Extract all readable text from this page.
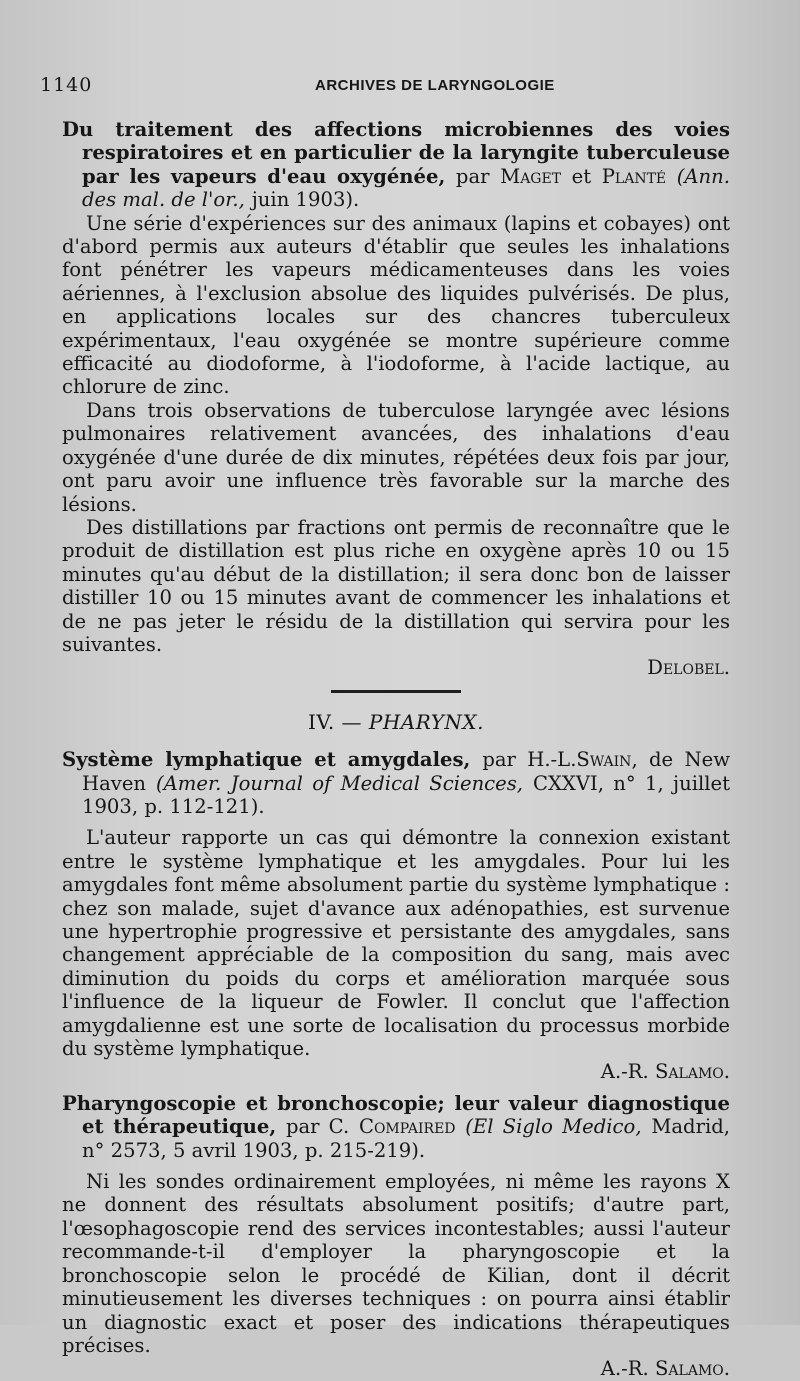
1140	ARCHIVES DE LARYNGOLOGIE
Du traitement des affections microbiennes des voies respiratoires et en particulier de la laryngite tuberculeuse par les vapeurs d'eau oxygénée, par Maget et Planté (Ann. des mal. de l'or., juin 1903).

Une série d'expériences sur des animaux (lapins et cobayes) ont d'abord permis aux auteurs d'établir que seules les inhalations font pénétrer les vapeurs médicamenteuses dans les voies aériennes, à l'exclusion absolue des liquides pulvérisés. De plus, en applications locales sur des chancres tuberculeux expérimentaux, l'eau oxygénée se montre supérieure comme efficacité au diodoforme, à l'iodoforme, à l'acide lactique, au chlorure de zinc.

Dans trois observations de tuberculose laryngée avec lésions pulmonaires relativement avancées, des inhalations d'eau oxygénée d'une durée de dix minutes, répétées deux fois par jour, ont paru avoir une influence très favorable sur la marche des lésions.

Des distillations par fractions ont permis de reconnaître que le produit de distillation est plus riche en oxygène après 10 ou 15 minutes qu'au début de la distillation; il sera donc bon de laisser distiller 10 ou 15 minutes avant de commencer les inhalations et de ne pas jeter le résidu de la distillation qui servira pour les suivantes.

Delobel.
IV. — PHARYNX.
Système lymphatique et amygdales, par H.-L.Swain, de New Haven (Amer. Journal of Medical Sciences, CXXVI, n° 1, juillet 1903, p. 112-121).

L'auteur rapporte un cas qui démontre la connexion existant entre le système lymphatique et les amygdales. Pour lui les amygdales font même absolument partie du système lymphatique : chez son malade, sujet d'avance aux adénopathies, est survenue une hypertrophie progressive et persistante des amygdales, sans changement appréciable de la composition du sang, mais avec diminution du poids du corps et amélioration marquée sous l'influence de la liqueur de Fowler. Il conclut que l'affection amygdalienne est une sorte de localisation du processus morbide du système lymphatique.

A.-R. Salamo.
Pharyngoscopie et bronchoscopie; leur valeur diagnostique et thérapeutique, par C. Compaired (El Siglo Medico, Madrid, n° 2573, 5 avril 1903, p. 215-219).

Ni les sondes ordinairement employées, ni même les rayons X ne donnent des résultats absolument positifs; d'autre part, l'œsophagoscopie rend des services incontestables; aussi l'auteur recommande-t-il d'employer la pharyngoscopie et la bronchoscopie selon le procédé de Kilian, dont il décrit minutieusement les diverses techniques : on pourra ainsi établir un diagnostic exact et poser des indications thérapeutiques précises.

A.-R. Salamo.
